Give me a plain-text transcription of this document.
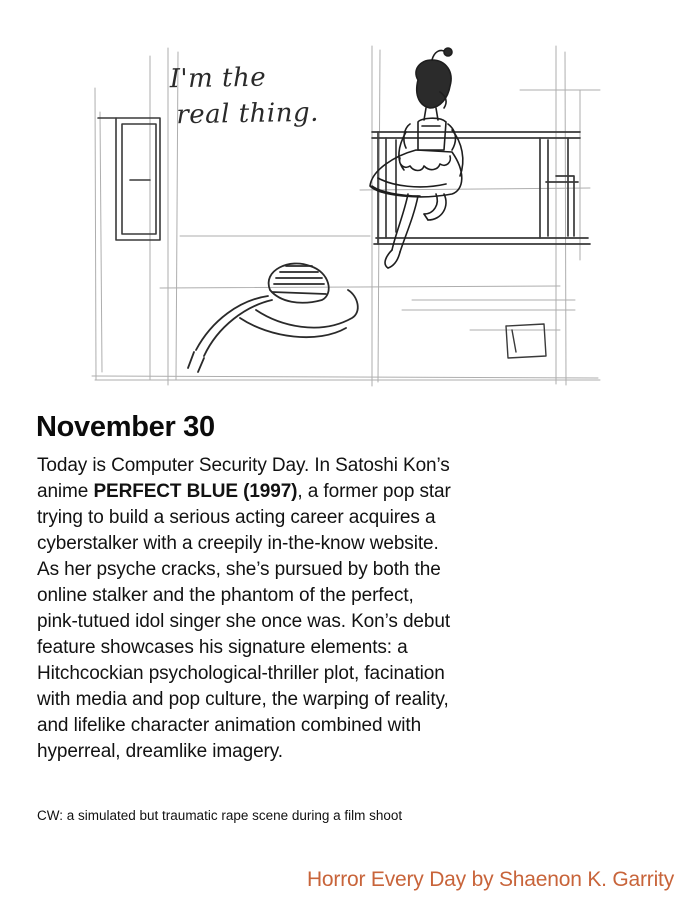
I'm the
real thing.
November 30

Today is Computer Security Day. In Satoshi Kon’s
anime PERFECT BLUE (1997), a former pop star
trying to build a serious acting career acquires a
cyberstalker with a creepily in-the-know website.
As her psyche cracks, she’s pursued by both the
online stalker and the phantom of the perfect,
pink-tutued idol singer she once was. Kon’s debut
feature showcases his signature elements: a
Hitchcockian psychological-thriller plot, facination
with media and pop culture, the warping of reality,
and lifelike character animation combined with
hyperreal, dreamlike imagery.

CW: a simulated but traumatic rape scene during a film shoot

Horror Every Day by Shaenon K. Garrity
